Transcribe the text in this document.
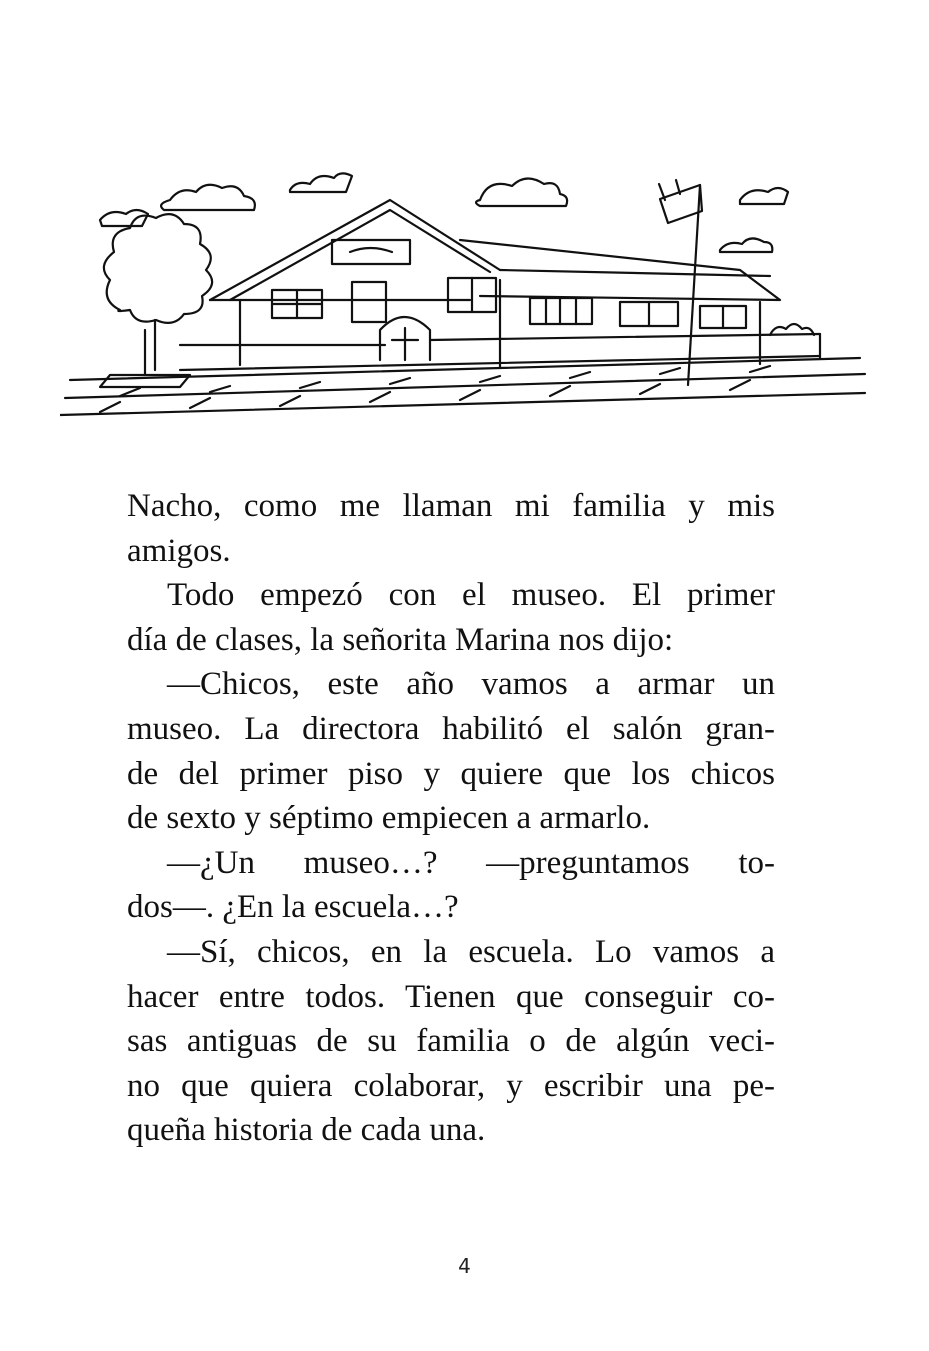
Nacho, como me llaman mi familia y mis
amigos.
Todo empezó con el museo. El primer
día de clases, la señorita Marina nos dijo:
—Chicos, este año vamos a armar un
museo. La directora habilitó el salón gran-
de del primer piso y quiere que los chicos
de sexto y séptimo empiecen a armarlo.
—¿Un museo…? —preguntamos to-
dos—. ¿En la escuela…?
—Sí, chicos, en la escuela. Lo vamos a
hacer entre todos. Tienen que conseguir co-
sas antiguas de su familia o de algún veci-
no que quiera colaborar, y escribir una pe-
queña historia de cada una.
4
